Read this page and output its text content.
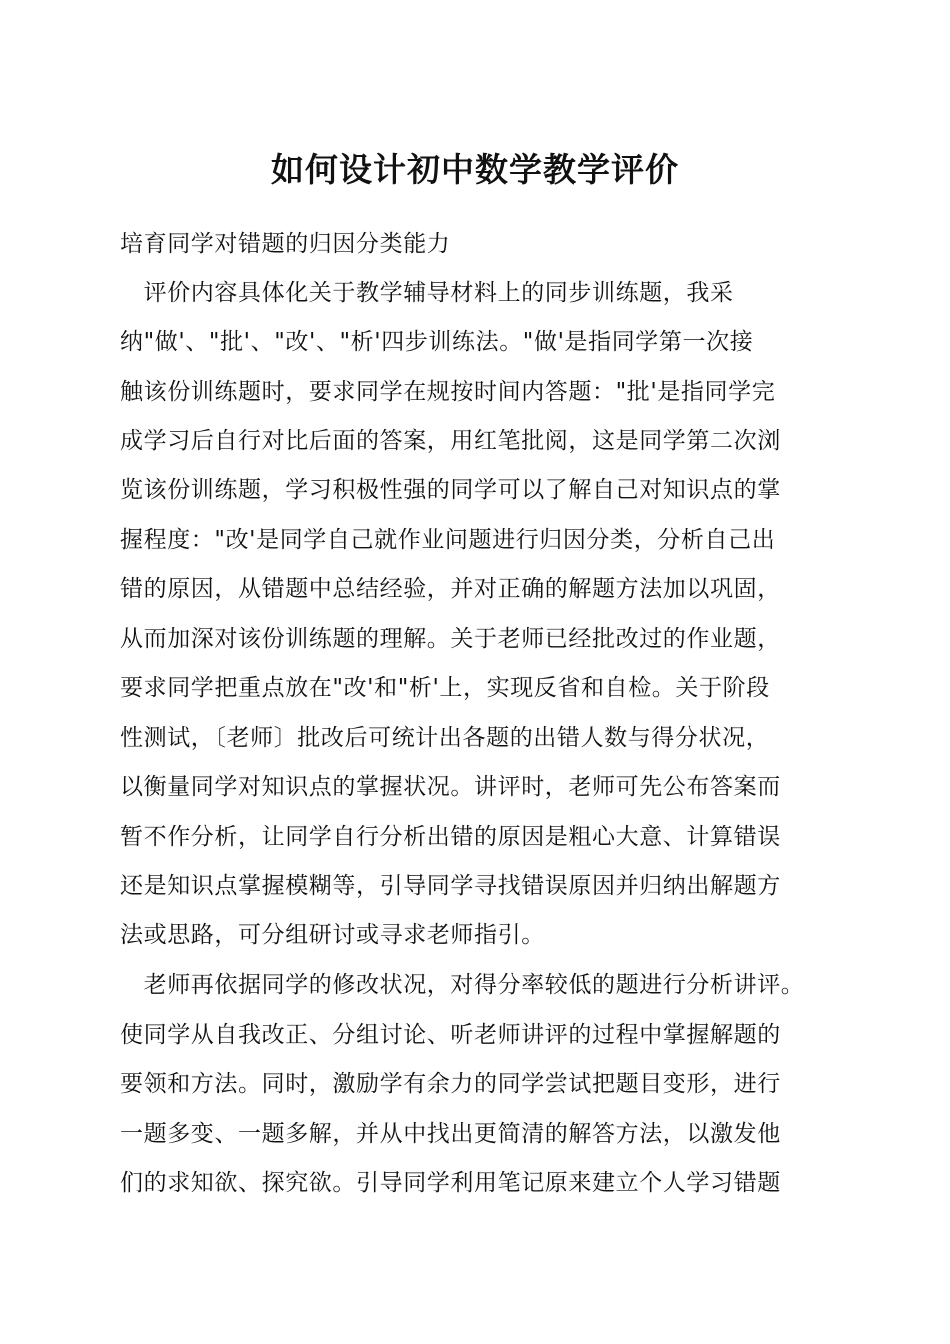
如何设计初中数学教学评价

培育同学对错题的归因分类能力

　评价内容具体化关于教学辅导材料上的同步训练题，我采

纳"做'、"批'、"改'、"析'四步训练法。"做'是指同学第一次接

触该份训练题时，要求同学在规按时间内答题："批'是指同学完

成学习后自行对比后面的答案，用红笔批阅，这是同学第二次浏

览该份训练题，学习积极性强的同学可以了解自己对知识点的掌

握程度："改'是同学自己就作业问题进行归因分类，分析自己出

错的原因，从错题中总结经验，并对正确的解题方法加以巩固，

从而加深对该份训练题的理解。关于老师已经批改过的作业题，

要求同学把重点放在"改'和"析'上，实现反省和自检。关于阶段

性测试，〔老师〕批改后可统计出各题的出错人数与得分状况，

以衡量同学对知识点的掌握状况。讲评时，老师可先公布答案而

暂不作分析，让同学自行分析出错的原因是粗心大意、计算错误

还是知识点掌握模糊等，引导同学寻找错误原因并归纳出解题方

法或思路，可分组研讨或寻求老师指引。

　老师再依据同学的修改状况，对得分率较低的题进行分析讲评。

使同学从自我改正、分组讨论、听老师讲评的过程中掌握解题的

要领和方法。同时，激励学有余力的同学尝试把题目变形，进行

一题多变、一题多解，并从中找出更简清的解答方法，以激发他

们的求知欲、探究欲。引导同学利用笔记原来建立个人学习错题
